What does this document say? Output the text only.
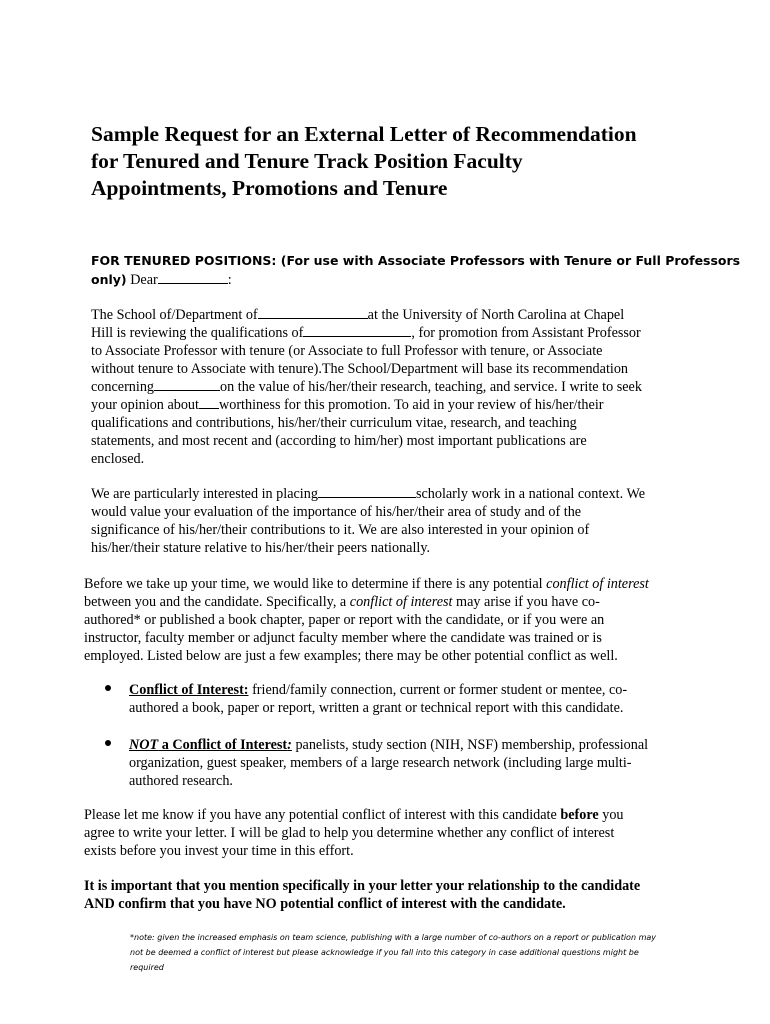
Sample Request for an External Letter of Recommendation
for Tenured and Tenure Track Position Faculty
Appointments, Promotions and Tenure
FOR TENURED POSITIONS: (For use with Associate Professors with Tenure or Full Professors
only) Dear	:
The School of/Department of	at the University of North Carolina at Chapel
Hill is reviewing the qualifications of	, for promotion from Assistant Professor
to Associate Professor with tenure (or Associate to full Professor with tenure, or Associate
without tenure to Associate with tenure).The School/Department will base its recommendation
concerning	on the value of his/her/their research, teaching, and service. I write to seek
your opinion about worthiness for this promotion. To aid in your review of his/her/their
qualifications and contributions, his/her/their curriculum vitae, research, and teaching
statements, and most recent and (according to him/her) most important publications are
enclosed.
We are particularly interested in placing	scholarly work in a national context. We
would value your evaluation of the importance of his/her/their area of study and of the
significance of his/her/their contributions to it. We are also interested in your opinion of
his/her/their stature relative to his/her/their peers nationally.
Before we take up your time, we would like to determine if there is any potential conflict of interest
between you and the candidate. Specifically, a conflict of interest may arise if you have co-
authored* or published a book chapter, paper or report with the candidate, or if you were an
instructor, faculty member or adjunct faculty member where the candidate was trained or is
employed. Listed below are just a few examples; there may be other potential conflict as well.
Conflict of Interest: friend/family connection, current or former student or mentee, co-
authored a book, paper or report, written a grant or technical report with this candidate.
NOT a Conflict of Interest: panelists, study section (NIH, NSF) membership, professional
organization, guest speaker, members of a large research network (including large multi-
authored research.
Please let me know if you have any potential conflict of interest with this candidate before you
agree to write your letter. I will be glad to help you determine whether any conflict of interest
exists before you invest your time in this effort.
It is important that you mention specifically in your letter your relationship to the candidate
AND confirm that you have NO potential conflict of interest with the candidate.
*note: given the increased emphasis on team science, publishing with a large number of co-authors on a report or publication may
not be deemed a conflict of interest but please acknowledge if you fall into this category in case additional questions might be
required
